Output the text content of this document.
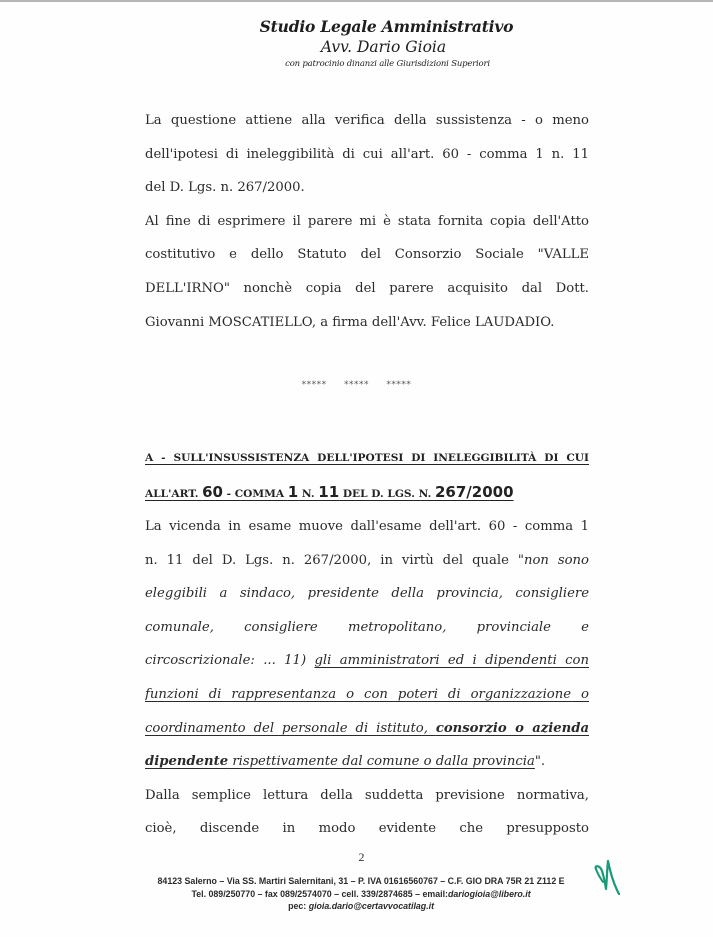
Studio Legale Amministrativo
Avv. Dario Gioia
con patrocinio dinanzi alle Giurisdizioni Superiori
La questione attiene alla verifica della sussistenza - o meno
dell'ipotesi di ineleggibilità di cui all'art. 60 - comma 1 n. 11
del D. Lgs. n. 267/2000.
Al fine di esprimere il parere mi è stata fornita copia dell'Atto
costitutivo e dello Statuto del Consorzio Sociale "VALLE
DELL'IRNO" nonchè copia del parere acquisito dal Dott.
Giovanni MOSCATIELLO, a firma dell'Avv. Felice LAUDADIO.
***** ***** *****
A - SULL'INSUSSISTENZA DELL'IPOTESI DI INELEGGIBILITÀ DI CUI
ALL'ART. 60 - COMMA 1 N. 11 DEL D. LGS. N. 267/2000
La vicenda in esame muove dall'esame dell'art. 60 - comma 1
n. 11 del D. Lgs. n. 267/2000, in virtù del quale "non sono
eleggibili a sindaco, presidente della provincia, consigliere
comunale, consigliere metropolitano, provinciale e
circoscrizionale: ... 11) gli amministratori ed i dipendenti con
funzioni di rappresentanza o con poteri di organizzazione o
coordinamento del personale di istituto, consorzio o azienda
dipendente rispettivamente dal comune o dalla provincia".
Dalla semplice lettura della suddetta previsione normativa,
cioè, discende in modo evidente che presupposto
2
84123 Salerno – Via SS. Martiri Salernitani, 31 – P. IVA 01616560767 – C.F. GIO DRA 75R 21 Z112 E
Tel. 089/250770 – fax 089/2574070 – cell. 339/2874685 – email:dariogioia@libero.it
pec: gioia.dario@certavvocatilag.it
